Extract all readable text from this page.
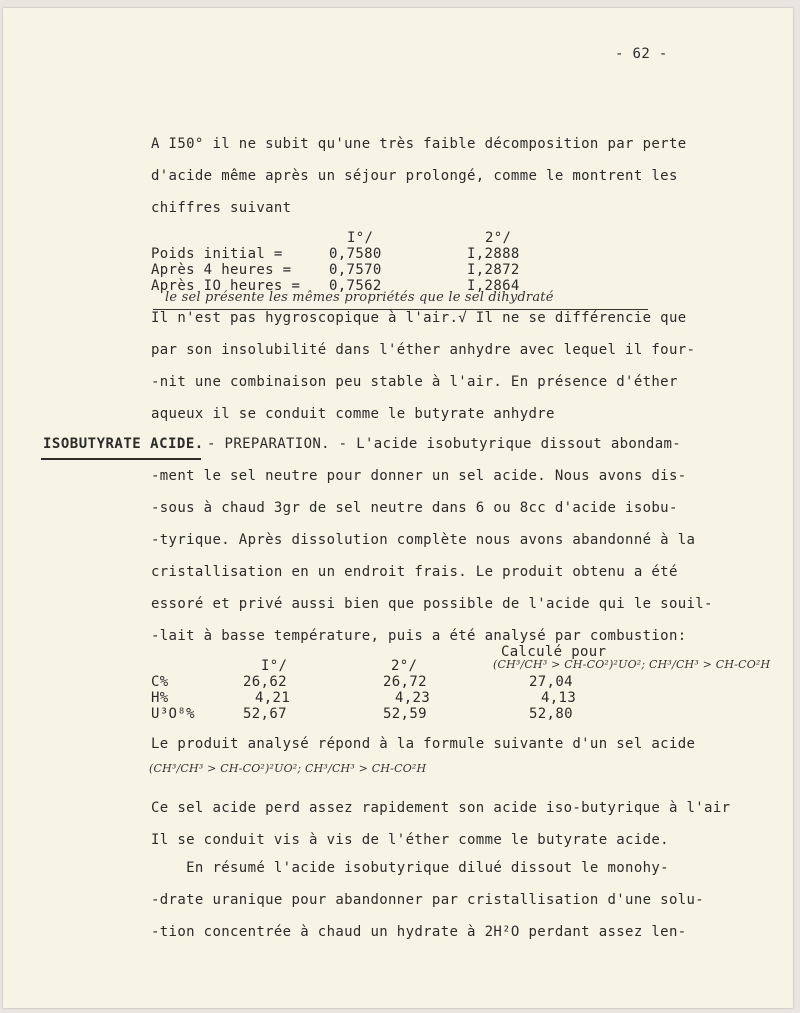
- 62 -
A I50° il ne subit qu'une très faible décomposition par perte
d'acide même après un séjour prolongé, comme le montrent les
chiffres suivant
I°/	2°/
Poids initial =	0,7580	I,2888
Après 4 heures =	0,7570	I,2872
Après IO heures = 0,7562	I,2864
le sel présente les mêmes propriétés que le sel dihydraté
Il n'est pas hygroscopique à l'air.√ Il ne se différencie que
par son insolubilité dans l'éther anhydre avec lequel il four-
-nit une combinaison peu stable à l'air. En présence d'éther
aqueux il se conduit comme le butyrate anhydre
ISOBUTYRATE ACIDE. - PREPARATION. - L'acide isobutyrique dissout abondam-
-ment le sel neutre pour donner un sel acide. Nous avons dis-
-sous à chaud 3gr de sel neutre dans 6 ou 8cc d'acide isobu-
-tyrique. Après dissolution complète nous avons abandonné à la
cristallisation en un endroit frais. Le produit obtenu a été
essoré et privé aussi bien que possible de l'acide qui le souil-
-lait à basse température, puis a été analysé par combustion:
Calculé pour
(CH³/CH³ > CH-CO²)²UO²; CH³/CH³ > CH-CO²H
I°/	2°/
C%	26,62	26,72	27,04
H%	4,21	4,23	4,13
U³O⁸%	52,67	52,59	52,80
Le produit analysé répond à la formule suivante d'un sel acide
(CH³/CH³ > CH-CO²)²UO²; CH³/CH³ > CH-CO²H
Ce sel acide perd assez rapidement son acide iso-butyrique à l'air
Il se conduit vis à vis de l'éther comme le butyrate acide.
En résumé l'acide isobutyrique dilué dissout le monohy-
-drate uranique pour abandonner par cristallisation d'une solu-
-tion concentrée à chaud un hydrate à 2H²O perdant assez len-
